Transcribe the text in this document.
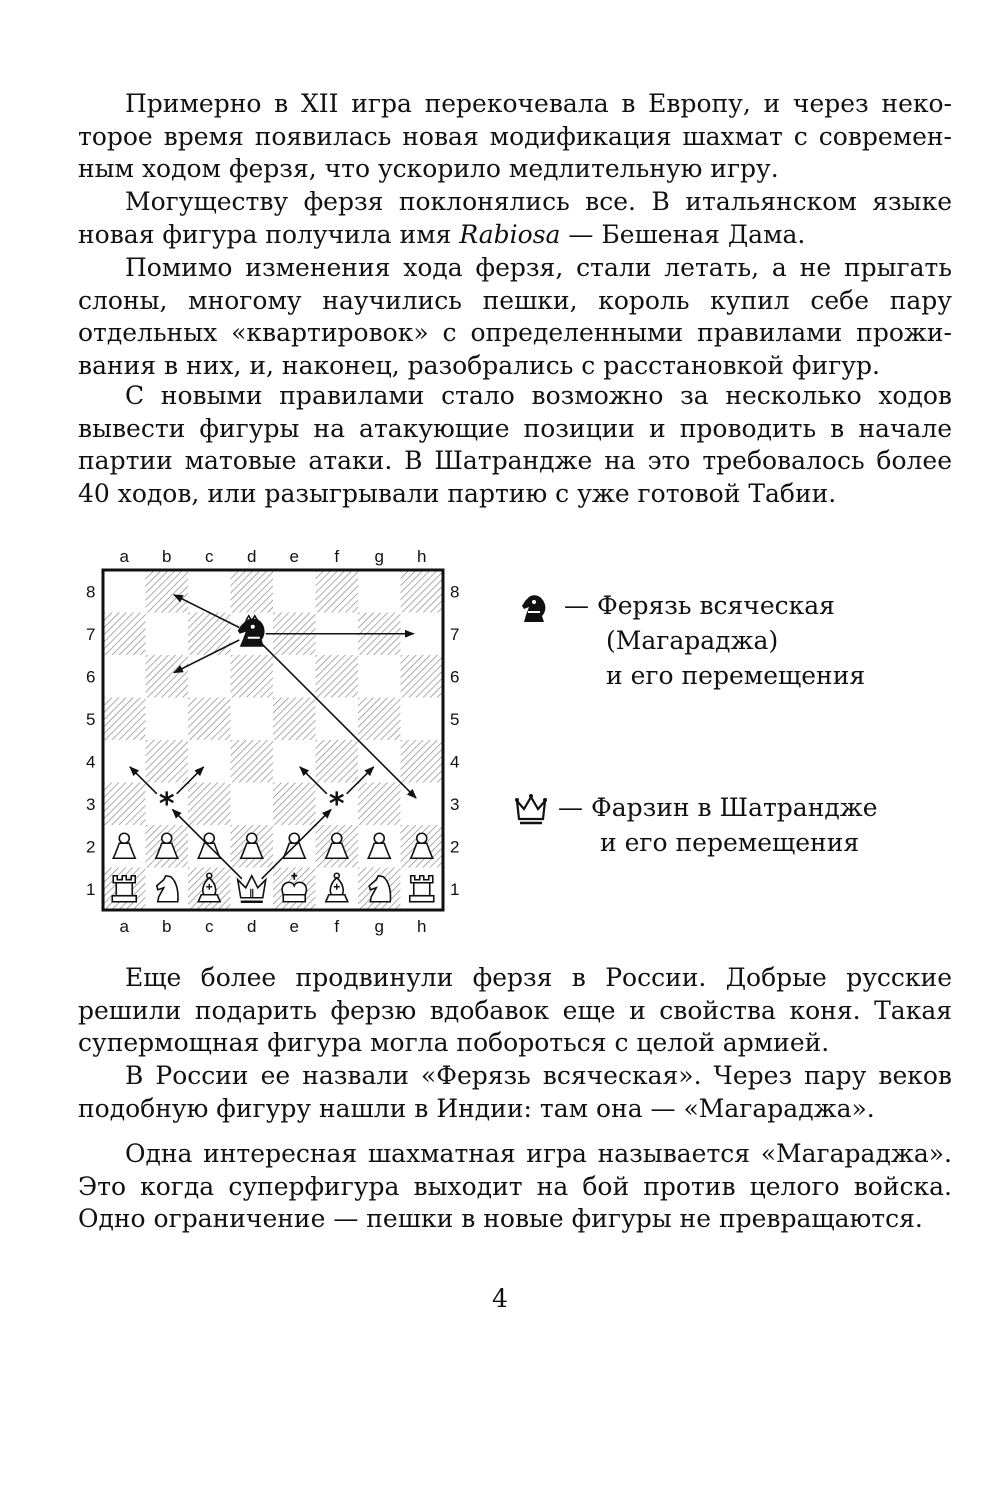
Примерно в XII игра перекочевала в Европу, и через неко-
торое время появилась новая модификация шахмат с современ-
ным ходом ферзя, что ускорило медлительную игру.

Могуществу ферзя поклонялись все. В итальянском языке
новая фигура получила имя Rabiosa — Бешеная Дама.

Помимо изменения хода ферзя, стали летать, а не прыгать
слоны, многому научились пешки, король купил себе пару
отдельных «квартировок» с определенными правилами прожи-
вания в них, и, наконец, разобрались с расстановкой фигур.

С новыми правилами стало возможно за несколько ходов
вывести фигуры на атакующие позиции и проводить в начале
партии матовые атаки. В Шатрандже на это требовалось более
40 ходов, или разыгрывали партию с уже готовой Табии.

a
a
b
b
c
c
d
d
e
e
f
f
g
g
h
h
1	1
2	2
3	3
4	4
5	5
6	6
7	7
8	8
*	*
— Ферязь всяческая
(Магараджа)
и его перемещения
— Фарзин в Шатрандже
и его перемещения

Еще более продвинули ферзя в России. Добрые русские
решили подарить ферзю вдобавок еще и свойства коня. Такая
супермощная фигура могла побороться с целой армией.

В России ее назвали «Ферязь всяческая». Через пару веков
подобную фигуру нашли в Индии: там она — «Магараджа».

Одна интересная шахматная игра называется «Магараджа».
Это когда суперфигура выходит на бой против целого войска.
Одно ограничение — пешки в новые фигуры не превращаются.

4
